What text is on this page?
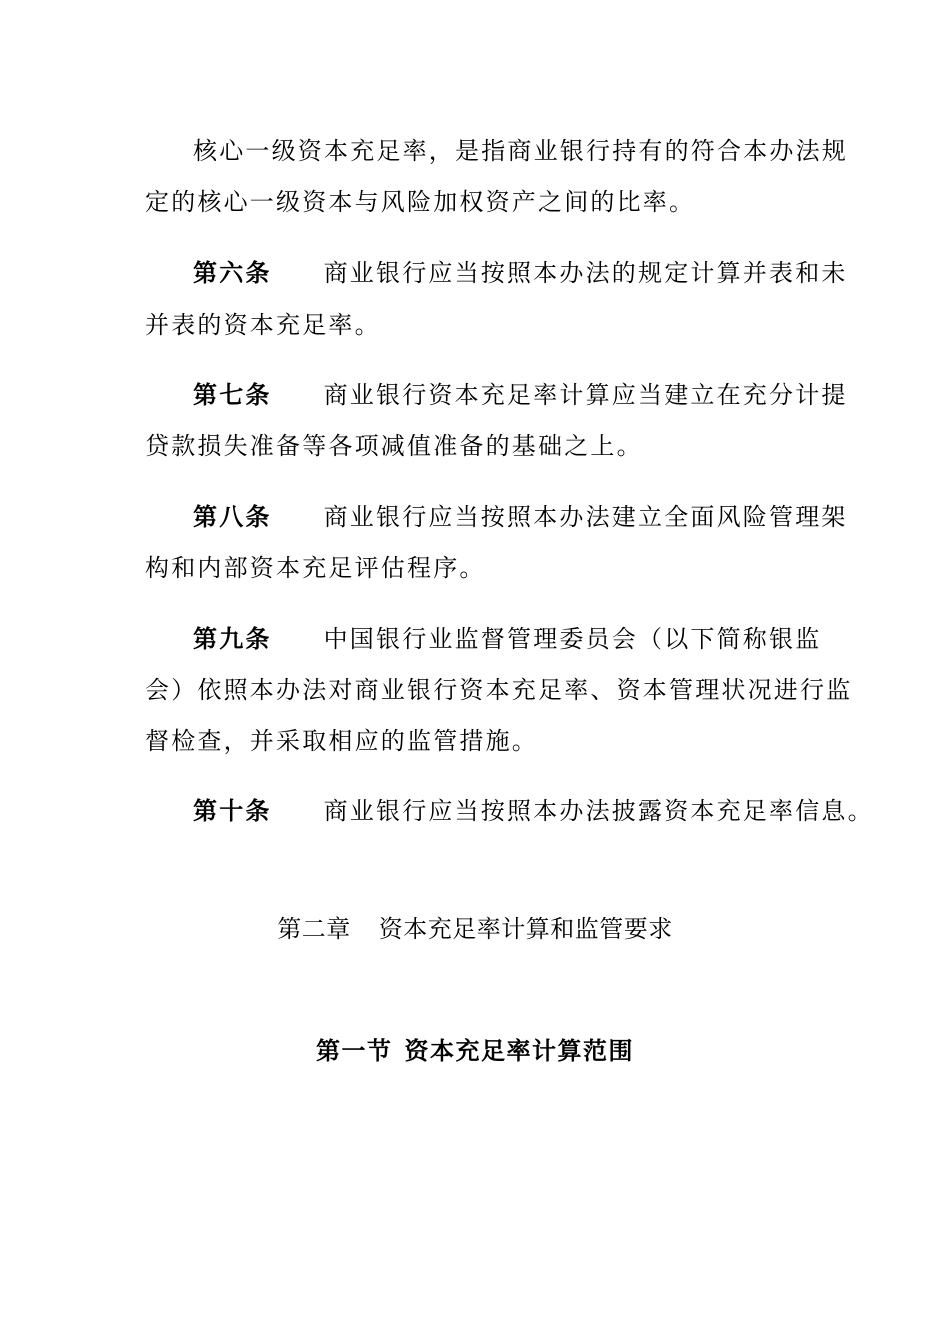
核心一级资本充足率，是指商业银行持有的符合本办法规
定的核心一级资本与风险加权资产之间的比率。
第六条 商业银行应当按照本办法的规定计算并表和未
并表的资本充足率。
第七条 商业银行资本充足率计算应当建立在充分计提
贷款损失准备等各项减值准备的基础之上。
第八条 商业银行应当按照本办法建立全面风险管理架
构和内部资本充足评估程序。
第九条 中国银行业监督管理委员会（以下简称银监
会）依照本办法对商业银行资本充足率、资本管理状况进行监
督检查，并采取相应的监管措施。
第十条 商业银行应当按照本办法披露资本充足率信息。
第二章 资本充足率计算和监管要求
第一节 资本充足率计算范围
